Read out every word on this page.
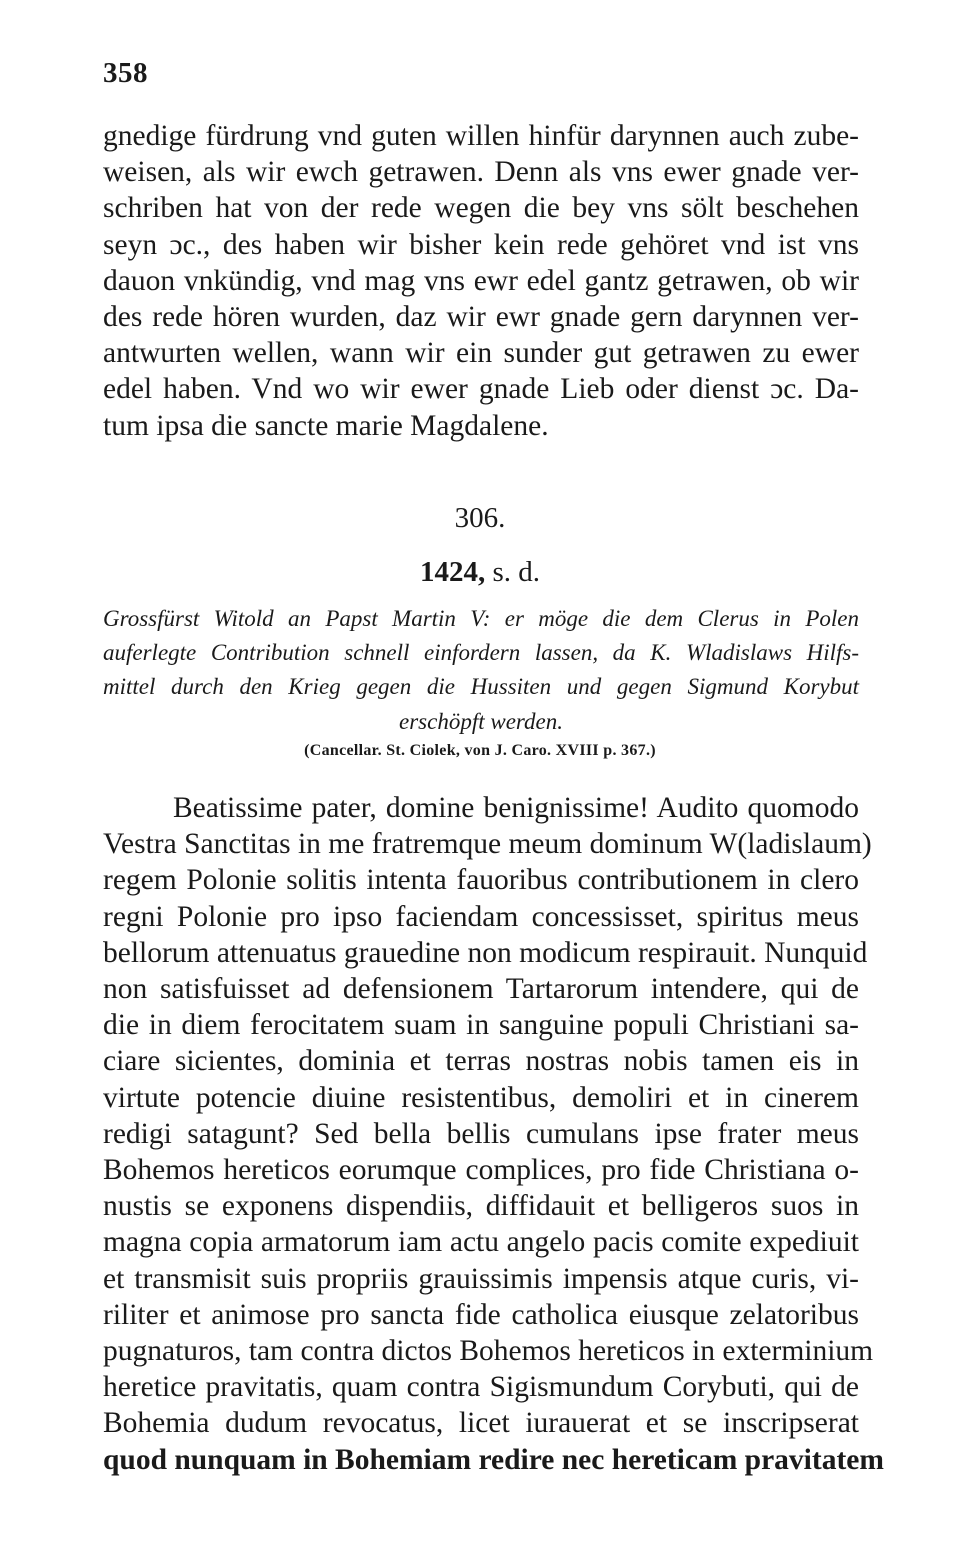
358
gnedige fürdrung vnd guten willen hinfür darynnen auch zube-
weisen, als wir ewch getrawen. Denn als vns ewer gnade ver-
schriben hat von der rede wegen die bey vns sölt beschehen
seyn ɔc., des haben wir bisher kein rede gehöret vnd ist vns
dauon vnkündig, vnd mag vns ewr edel gantz getrawen, ob wir
des rede hören wurden, daz wir ewr gnade gern darynnen ver-
antwurten wellen, wann wir ein sunder gut getrawen zu ewer
edel haben. Vnd wo wir ewer gnade Lieb oder dienst ɔc. Da-
tum ipsa die sancte marie Magdalene.
306.
1424, s. d.
Grossfürst Witold an Papst Martin V: er möge die dem Clerus in Polen
auferlegte Contribution schnell einfordern lassen, da K. Wladislaws Hilfs-
mittel durch den Krieg gegen die Hussiten und gegen Sigmund Korybut
erschöpft werden.
(Cancellar. St. Ciolek, von J. Caro. XVIII p. 367.)
Beatissime pater, domine benignissime! Audito quomodo
Vestra Sanctitas in me fratremque meum dominum W(ladislaum)
regem Polonie solitis intenta fauoribus contributionem in clero
regni Polonie pro ipso faciendam concessisset, spiritus meus
bellorum attenuatus grauedine non modicum respirauit. Nunquid
non satisfuisset ad defensionem Tartarorum intendere, qui de
die in diem ferocitatem suam in sanguine populi Christiani sa-
ciare sicientes, dominia et terras nostras nobis tamen eis in
virtute potencie diuine resistentibus, demoliri et in cinerem
redigi satagunt? Sed bella bellis cumulans ipse frater meus
Bohemos hereticos eorumque complices, pro fide Christiana o-
nustis se exponens dispendiis, diffidauit et belligeros suos in
magna copia armatorum iam actu angelo pacis comite expediuit
et transmisit suis propriis grauissimis impensis atque curis, vi-
riliter et animose pro sancta fide catholica eiusque zelatoribus
pugnaturos, tam contra dictos Bohemos hereticos in exterminium
heretice pravitatis, quam contra Sigismundum Corybuti, qui de
Bohemia dudum revocatus, licet iurauerat et se inscripserat
quod nunquam in Bohemiam redire nec hereticam pravitatem
